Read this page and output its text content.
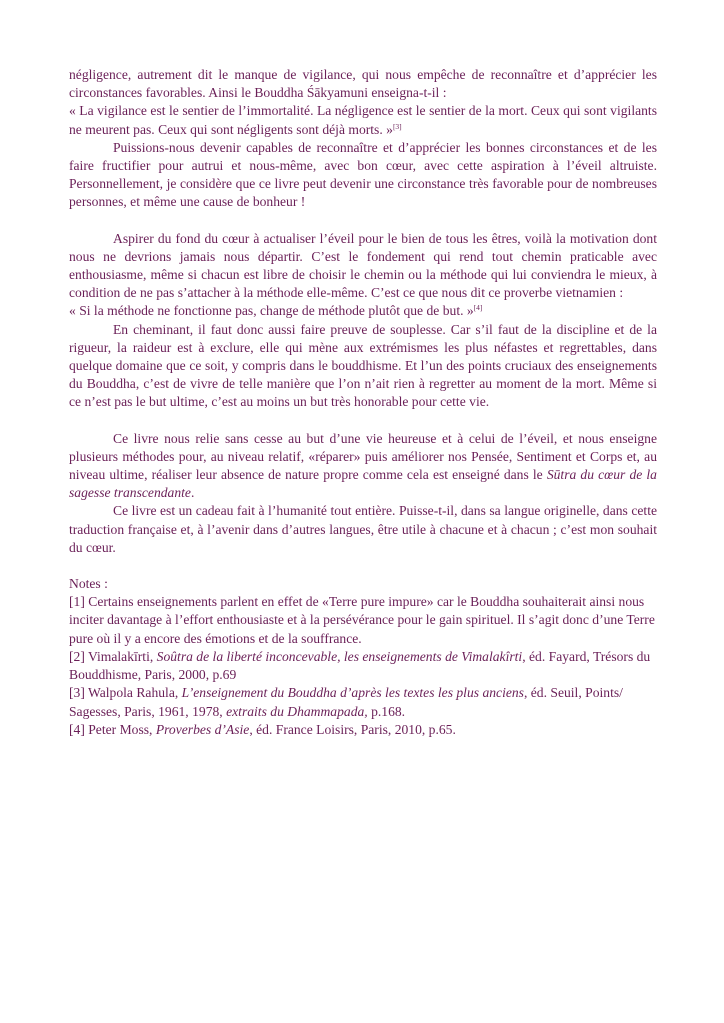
négligence, autrement dit le manque de vigilance, qui nous empêche de reconnaître et d’apprécier les circonstances favorables. Ainsi le Bouddha Śākyamuni enseigna-t-il :

« La vigilance est le sentier de l’immortalité. La négligence est le sentier de la mort. Ceux qui sont vigilants ne meurent pas. Ceux qui sont négligents sont déjà morts. »[3]

Puissions-nous devenir capables de reconnaître et d’apprécier les bonnes circonstances et de les faire fructifier pour autrui et nous-même, avec bon cœur, avec cette aspiration à l’éveil altruiste. Personnellement, je considère que ce livre peut devenir une circonstance très favorable pour de nombreuses personnes, et même une cause de bonheur !

Aspirer du fond du cœur à actualiser l’éveil pour le bien de tous les êtres, voilà la motivation dont nous ne devrions jamais nous départir. C’est le fondement qui rend tout chemin praticable avec enthousiasme, même si chacun est libre de choisir le chemin ou la méthode qui lui conviendra le mieux, à condition de ne pas s’attacher à la méthode elle-même. C’est ce que nous dit ce proverbe vietnamien :

« Si la méthode ne fonctionne pas, change de méthode plutôt que de but. »[4]

En cheminant, il faut donc aussi faire preuve de souplesse. Car s’il faut de la discipline et de la rigueur, la raideur est à exclure, elle qui mène aux extrémismes les plus néfastes et regrettables, dans quelque domaine que ce soit, y compris dans le bouddhisme. Et l’un des points cruciaux des enseignements du Bouddha, c’est de vivre de telle manière que l’on n’ait rien à regretter au moment de la mort. Même si ce n’est pas le but ultime, c’est au moins un but très honorable pour cette vie.

Ce livre nous relie sans cesse au but d’une vie heureuse et à celui de l’éveil, et nous enseigne plusieurs méthodes pour, au niveau relatif, «réparer» puis améliorer nos Pensée, Sentiment et Corps et, au niveau ultime, réaliser leur absence de nature propre comme cela est enseigné dans le Sūtra du cœur de la sagesse transcendante.

Ce livre est un cadeau fait à l’humanité tout entière. Puisse-t-il, dans sa langue originelle, dans cette traduction française et, à l’avenir dans d’autres langues, être utile à chacune et à chacun ; c’est mon souhait du cœur.

Notes :

[1] Certains enseignements parlent en effet de «Terre pure impure» car le Bouddha souhaiterait ainsi nous inciter davantage à l’effort enthousiaste et à la persévérance pour le gain spirituel. Il s’agit donc d’une Terre pure où il y a encore des émotions et de la souffrance.

[2] Vimalakīrti, Soûtra de la liberté inconcevable, les enseignements de Vimalakîrti, éd. Fayard, Trésors du Bouddhisme, Paris, 2000, p.69

[3] Walpola Rahula, L’enseignement du Bouddha d’après les textes les plus anciens, éd. Seuil, Points/ Sagesses, Paris, 1961, 1978, extraits du Dhammapada, p.168.

[4] Peter Moss, Proverbes d’Asie, éd. France Loisirs, Paris, 2010, p.65.
